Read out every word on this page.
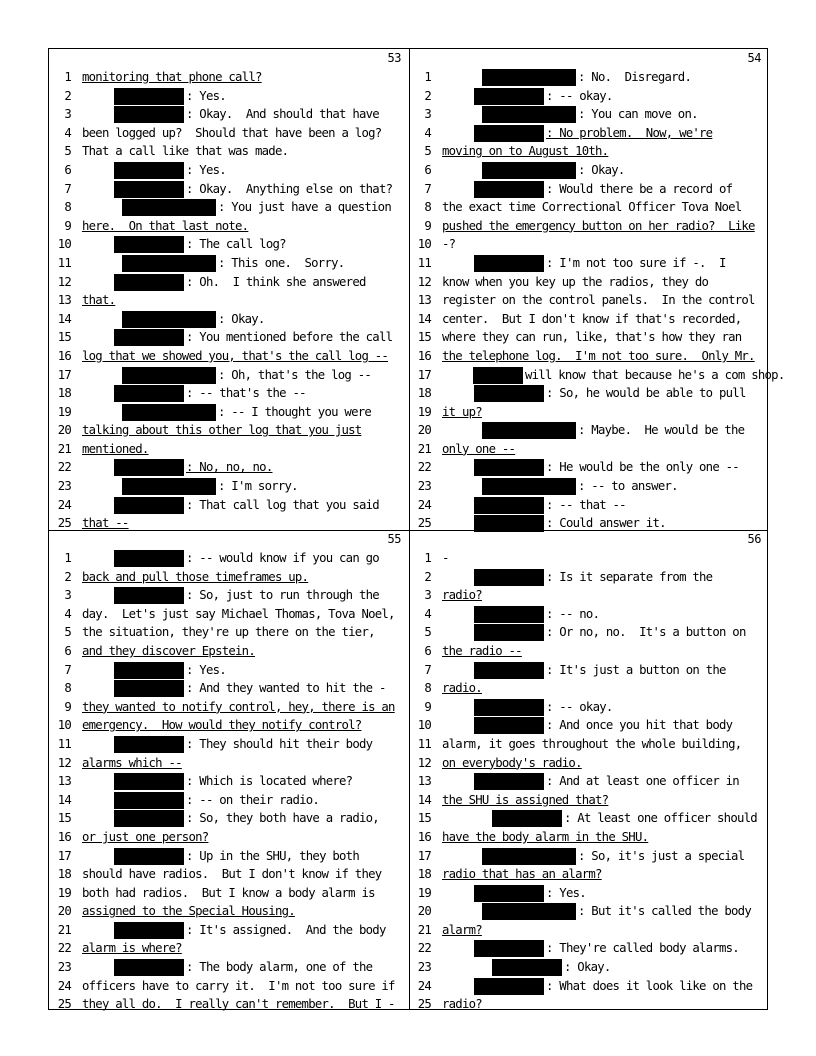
53
1 monitoring that phone call?
2	: Yes.
3	: Okay.  And should that have
4 been logged up?  Should that have been a log?
5 That a call like that was made.
6	: Yes.
7	: Okay.  Anything else on that?
8	: You just have a question
9 here.  On that last note.
10	: The call log?
11	: This one.  Sorry.
12	: Oh.  I think she answered
13 that.
14	: Okay.
15	: You mentioned before the call
16 log that we showed you, that's the call log --
17	: Oh, that's the log --
18	: -- that's the --
19	: -- I thought you were
20 talking about this other log that you just
21 mentioned.
22	: No, no, no.
23	: I'm sorry.
24	: That call log that you said
25 that --
54
1	: No.  Disregard.
2	: -- okay.
3	: You can move on.
4	: No problem.  Now, we're
5 moving on to August 10th.
6	: Okay.
7	: Would there be a record of
8 the exact time Correctional Officer Tova Noel
9 pushed the emergency button on her radio?  Like
10 -?
11	: I'm not too sure if -.  I
12 know when you key up the radios, they do
13 register on the control panels.  In the control
14 center.  But I don't know if that's recorded,
15 where they can run, like, that's how they ran
16 the telephone log.  I'm not too sure.  Only Mr.
17	will know that because he's a com shop.
18	: So, he would be able to pull
19 it up?
20	: Maybe.  He would be the
21 only one --
22	: He would be the only one --
23	: -- to answer.
24	: -- that --
25	: Could answer it.
55
1	: -- would know if you can go
2 back and pull those timeframes up.
3	: So, just to run through the
4 day.  Let's just say Michael Thomas, Tova Noel,
5 the situation, they're up there on the tier,
6 and they discover Epstein.
7	: Yes.
8	: And they wanted to hit the -
9 they wanted to notify control, hey, there is an
10 emergency.  How would they notify control?
11	: They should hit their body
12 alarms which --
13	: Which is located where?
14	: -- on their radio.
15	: So, they both have a radio,
16 or just one person?
17	: Up in the SHU, they both
18 should have radios.  But I don't know if they
19 both had radios.  But I know a body alarm is
20 assigned to the Special Housing.
21	: It's assigned.  And the body
22 alarm is where?
23	: The body alarm, one of the
24 officers have to carry it.  I'm not too sure if
25 they all do.  I really can't remember.  But I -
56
1 -
2	: Is it separate from the
3 radio?
4	: -- no.
5	: Or no, no.  It's a button on
6 the radio --
7	: It's just a button on the
8 radio.
9	: -- okay.
10	: And once you hit that body
11 alarm, it goes throughout the whole building,
12 on everybody's radio.
13	: And at least one officer in
14 the SHU is assigned that?
15	: At least one officer should
16 have the body alarm in the SHU.
17	: So, it's just a special
18 radio that has an alarm?
19	: Yes.
20	: But it's called the body
21 alarm?
22	: They're called body alarms.
23	: Okay.
24	: What does it look like on the
25 radio?
